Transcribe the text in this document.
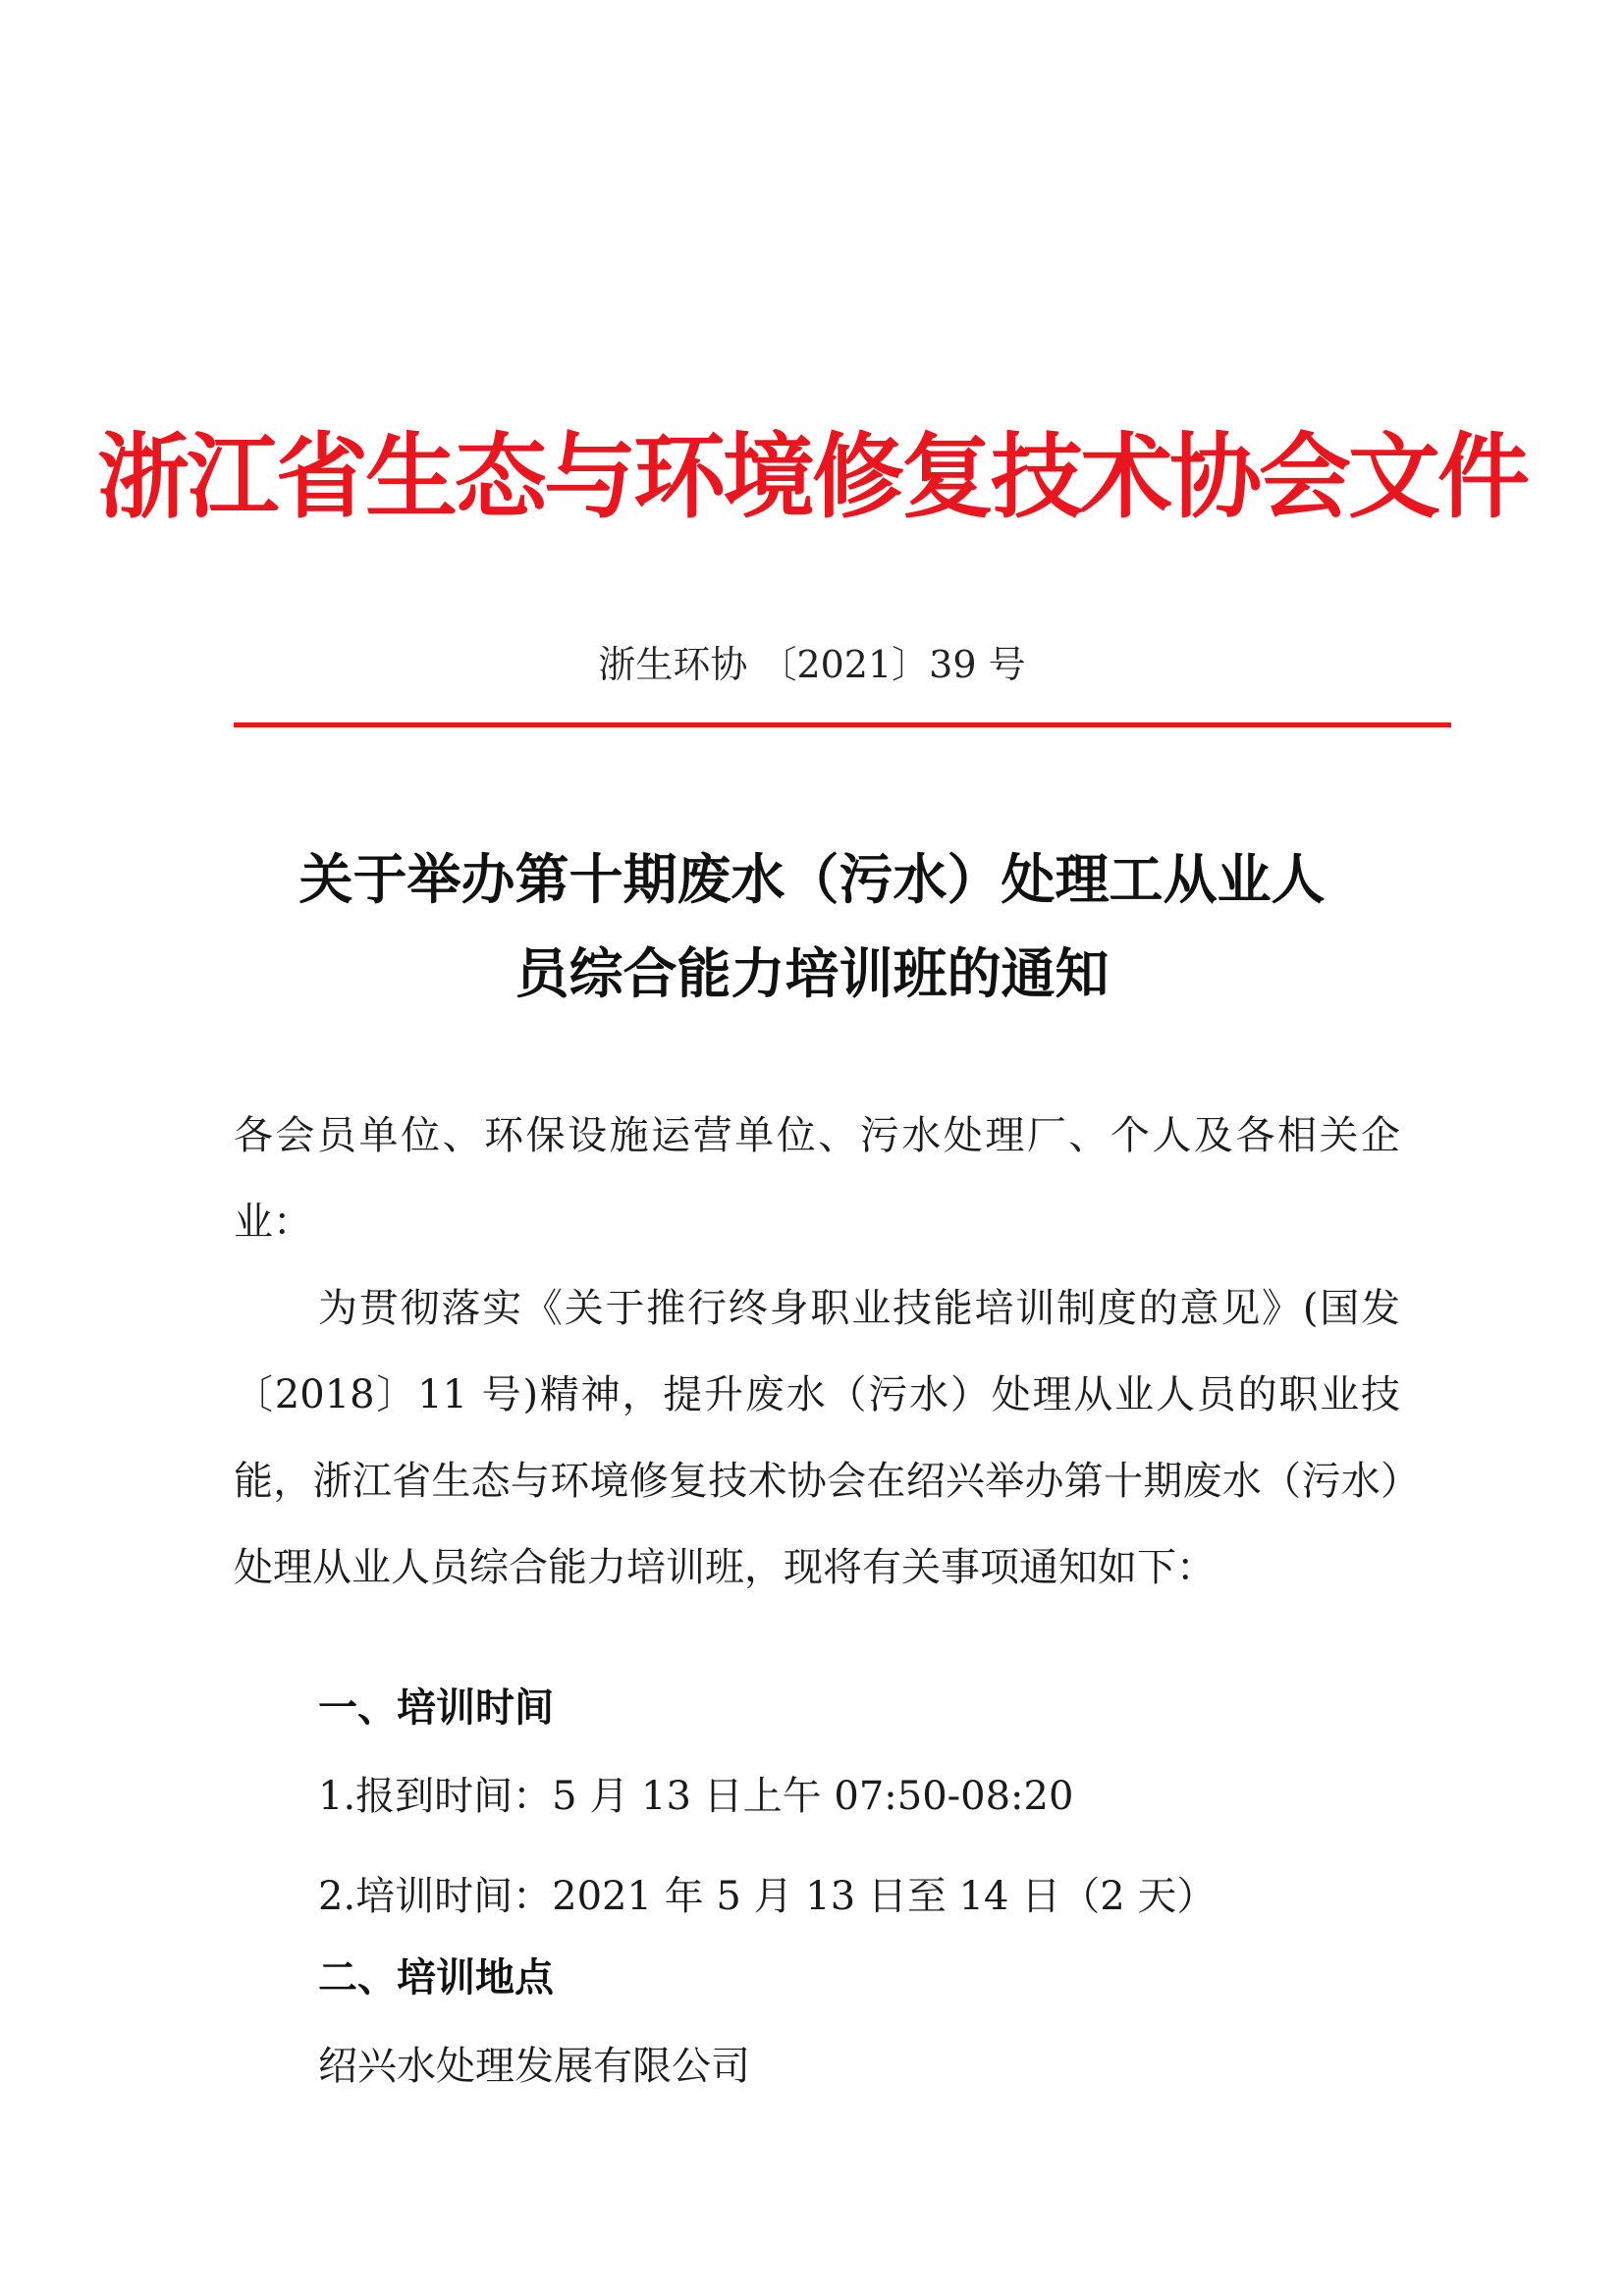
浙江省生态与环境修复技术协会文件
浙生环协 〔2021〕39 号
关于举办第十期废水（污水）处理工从业人
员综合能力培训班的通知
各会员单位、环保设施运营单位、污水处理厂、个人及各相关企业：
为贯彻落实《关于推行终身职业技能培训制度的意见》(国发〔2018〕11 号)精神，提升废水（污水）处理从业人员的职业技能，浙江省生态与环境修复技术协会在绍兴举办第十期废水（污水）处理从业人员综合能力培训班，现将有关事项通知如下：
一、培训时间
1.报到时间：5 月 13 日上午 07:50-08:20
2.培训时间：2021 年 5 月 13 日至 14 日（2 天）
二、培训地点
绍兴水处理发展有限公司
